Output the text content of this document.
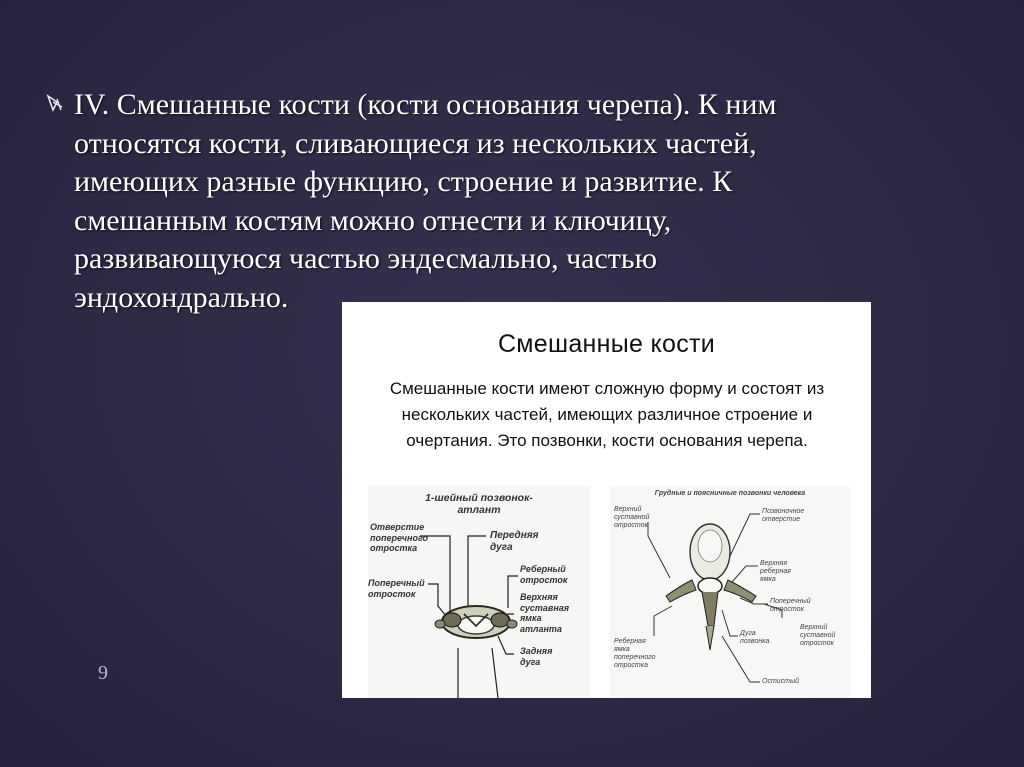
IV. Смешанные кости (кости основания черепа). К ним относятся кости, сливающиеся из нескольких частей, имеющих разные функцию, строение и развитие. К смешанным костям можно отнести и ключицу, развивающуюся частью эндесмально, частью эндохондрально.
9
Смешанные кости
Смешанные кости имеют сложную форму и состоят из нескольких частей, имеющих различное строение и очертания. Это позвонки, кости основания черепа.
1-шейный позвонок-
атлант
Отверстие
поперечного
отростка
Передняя
дуга
Реберный
отросток
Поперечный
отросток	Верхняя
суставная
ямка
атланта
Задняя
дуга
Грудные и поясничные позвонки человека
Верхний
суставной
отросток
Позвоночное
отверстие
Верхняя
реберная
ямка
Поперечный
отросток
Дуга
позвонка
Верхний
суставной
отросток
Реберная
ямка
поперечного
отростка
Остистый
